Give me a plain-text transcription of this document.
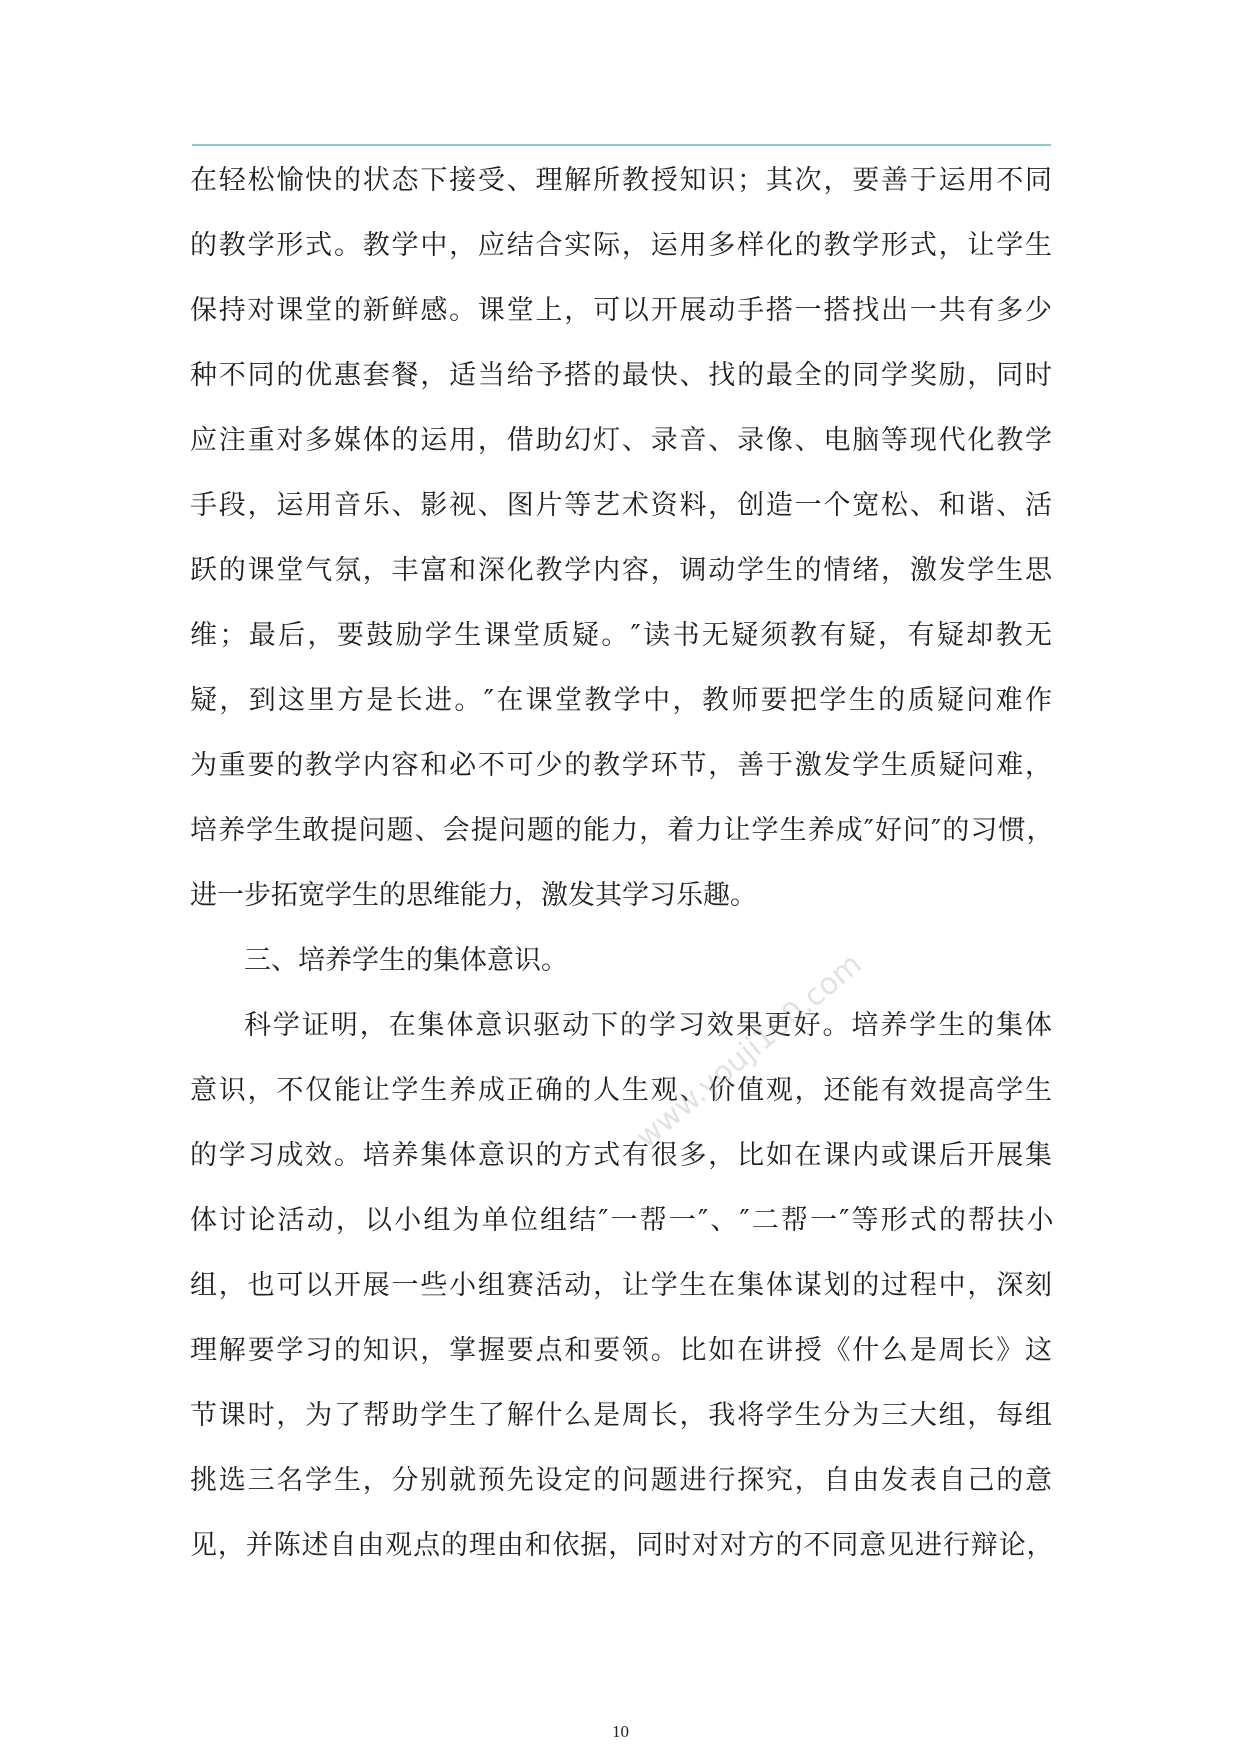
在轻松愉快的状态下接受、理解所教授知识；其次，要善于运用不同
的教学形式。教学中，应结合实际，运用多样化的教学形式，让学生
保持对课堂的新鲜感。课堂上，可以开展动手搭一搭找出一共有多少
种不同的优惠套餐，适当给予搭的最快、找的最全的同学奖励，同时
应注重对多媒体的运用，借助幻灯、录音、录像、电脑等现代化教学
手段，运用音乐、影视、图片等艺术资料，创造一个宽松、和谐、活
跃的课堂气氛，丰富和深化教学内容，调动学生的情绪，激发学生思
维；最后，要鼓励学生课堂质疑。″读书无疑须教有疑，有疑却教无
疑，到这里方是长进。″在课堂教学中，教师要把学生的质疑问难作
为重要的教学内容和必不可少的教学环节，善于激发学生质疑问难，
培养学生敢提问题、会提问题的能力，着力让学生养成″好问″的习惯，
进一步拓宽学生的思维能力，激发其学习乐趣。
三、培养学生的集体意识。
科学证明，在集体意识驱动下的学习效果更好。培养学生的集体
意识，不仅能让学生养成正确的人生观、价值观，还能有效提高学生
的学习成效。培养集体意识的方式有很多，比如在课内或课后开展集
体讨论活动，以小组为单位组结″一帮一″、″二帮一″等形式的帮扶小
组，也可以开展一些小组赛活动，让学生在集体谋划的过程中，深刻
理解要学习的知识，掌握要点和要领。比如在讲授《什么是周长》这
节课时，为了帮助学生了解什么是周长，我将学生分为三大组，每组
挑选三名学生，分别就预先设定的问题进行探究，自由发表自己的意
见，并陈述自由观点的理由和依据，同时对对方的不同意见进行辩论，
www.youji100.com
10
